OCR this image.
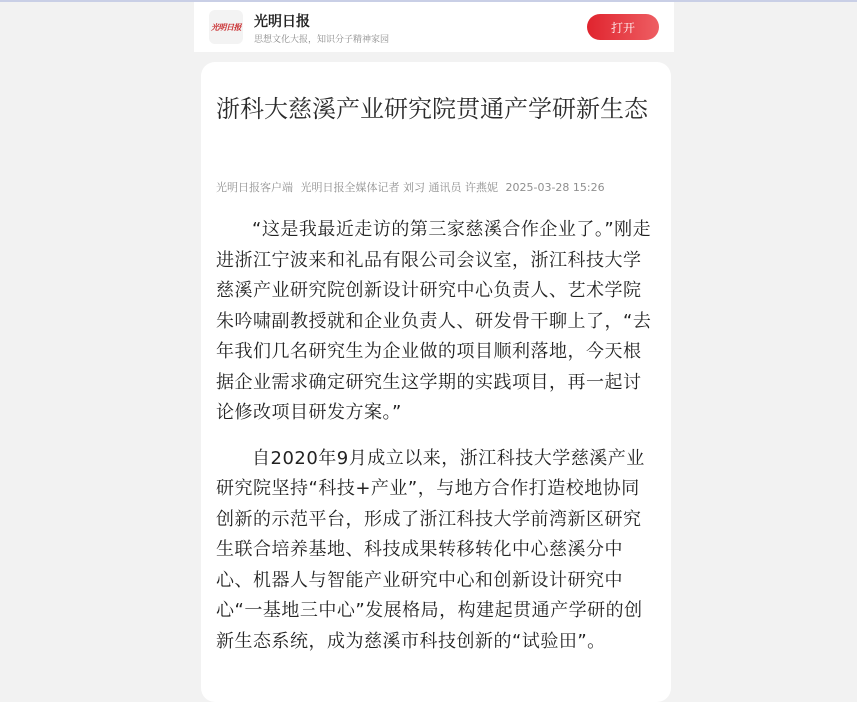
光明日报 光明日报
思想文化大报，知识分子精神家园
打开
浙科大慈溪产业研究院贯通产学研新生态
光明日报客户端 光明日报全媒体记者 刘习 通讯员 许燕妮 2025-03-28 15:26

“这是我最近走访的第三家慈溪合作企业了。”刚走进浙江宁波来和礼品有限公司会议室，浙江科技大学慈溪产业研究院创新设计研究中心负责人、艺术学院朱吟啸副教授就和企业负责人、研发骨干聊上了，“去年我们几名研究生为企业做的项目顺利落地，今天根据企业需求确定研究生这学期的实践项目，再一起讨论修改项目研发方案。”

自2020年9月成立以来，浙江科技大学慈溪产业研究院坚持“科技+产业”，与地方合作打造校地协同创新的示范平台，形成了浙江科技大学前湾新区研究生联合培养基地、科技成果转移转化中心慈溪分中心、机器人与智能产业研究中心和创新设计研究中心“一基地三中心”发展格局，构建起贯通产学研的创新生态系统，成为慈溪市科技创新的“试验田”。
